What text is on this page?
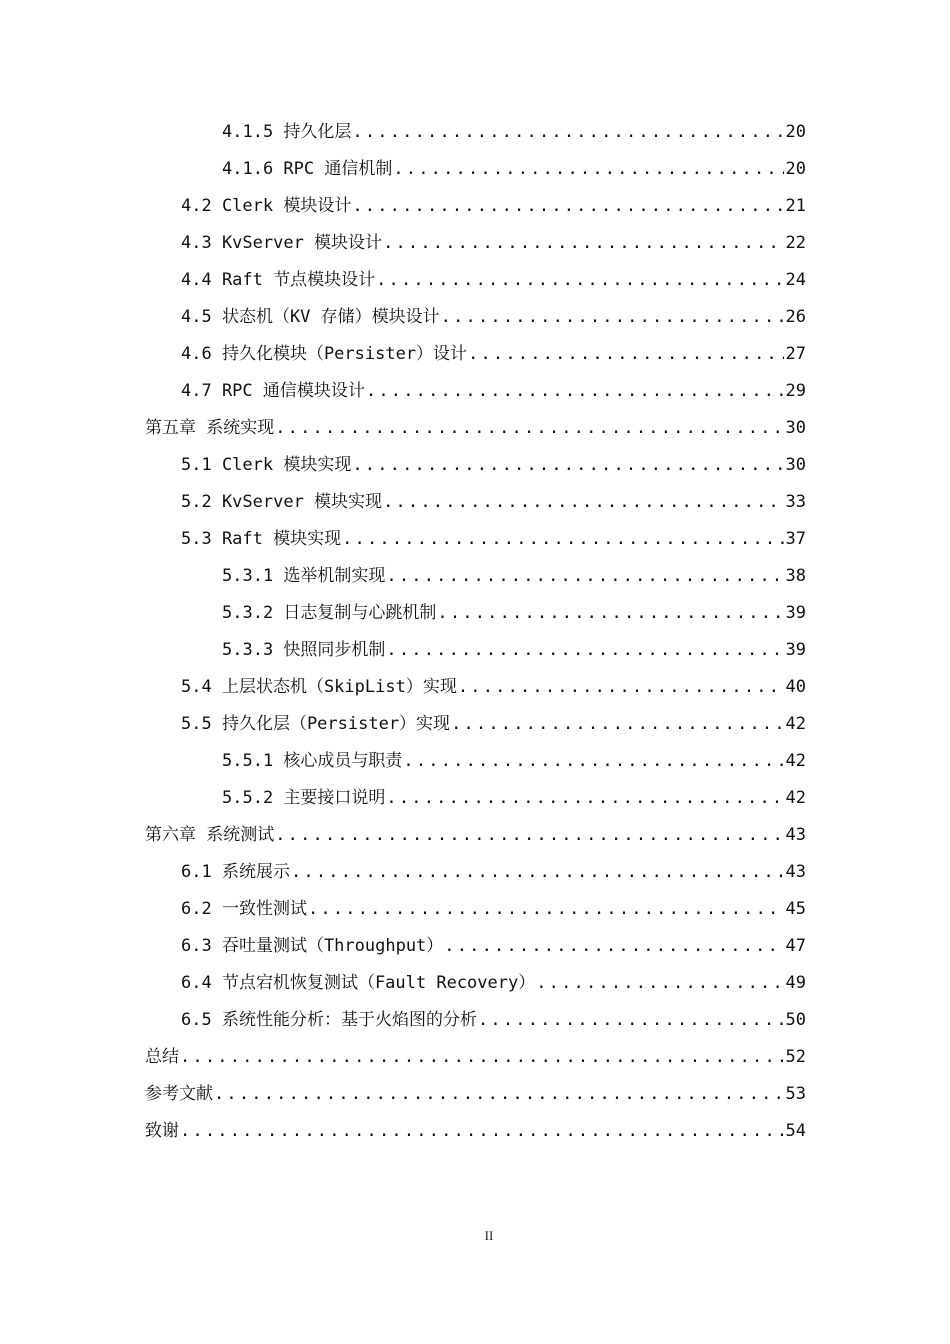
4.1.5 持久化层 .....	20
4.1.6 RPC 通信机制 .....	20
4.2 Clerk 模块设计 .....	21
4.3 KvServer 模块设计 .....	22
4.4 Raft 节点模块设计 .....	24
4.5 状态机（KV 存储）模块设计 .....	26
4.6 持久化模块（Persister）设计 .....	27
4.7 RPC 通信模块设计 .....	29
第五章 系统实现 .....	30
5.1 Clerk 模块实现 .....	30
5.2 KvServer 模块实现 .....	33
5.3 Raft 模块实现 .....	37
5.3.1 选举机制实现 .....	38
5.3.2 日志复制与心跳机制 .....	39
5.3.3 快照同步机制 .....	39
5.4 上层状态机（SkipList）实现 .....	40
5.5 持久化层（Persister）实现 .....	42
5.5.1 核心成员与职责 .....	42
5.5.2 主要接口说明 .....	42
第六章 系统测试 .....	43
6.1 系统展示 .....	43
6.2 一致性测试 .....	45
6.3 吞吐量测试（Throughput） .....	47
6.4 节点宕机恢复测试（Fault Recovery） .....	49
6.5 系统性能分析：基于火焰图的分析 .....	50
总结 .....	52
参考文献 .....	53
致谢 .....	54
II
